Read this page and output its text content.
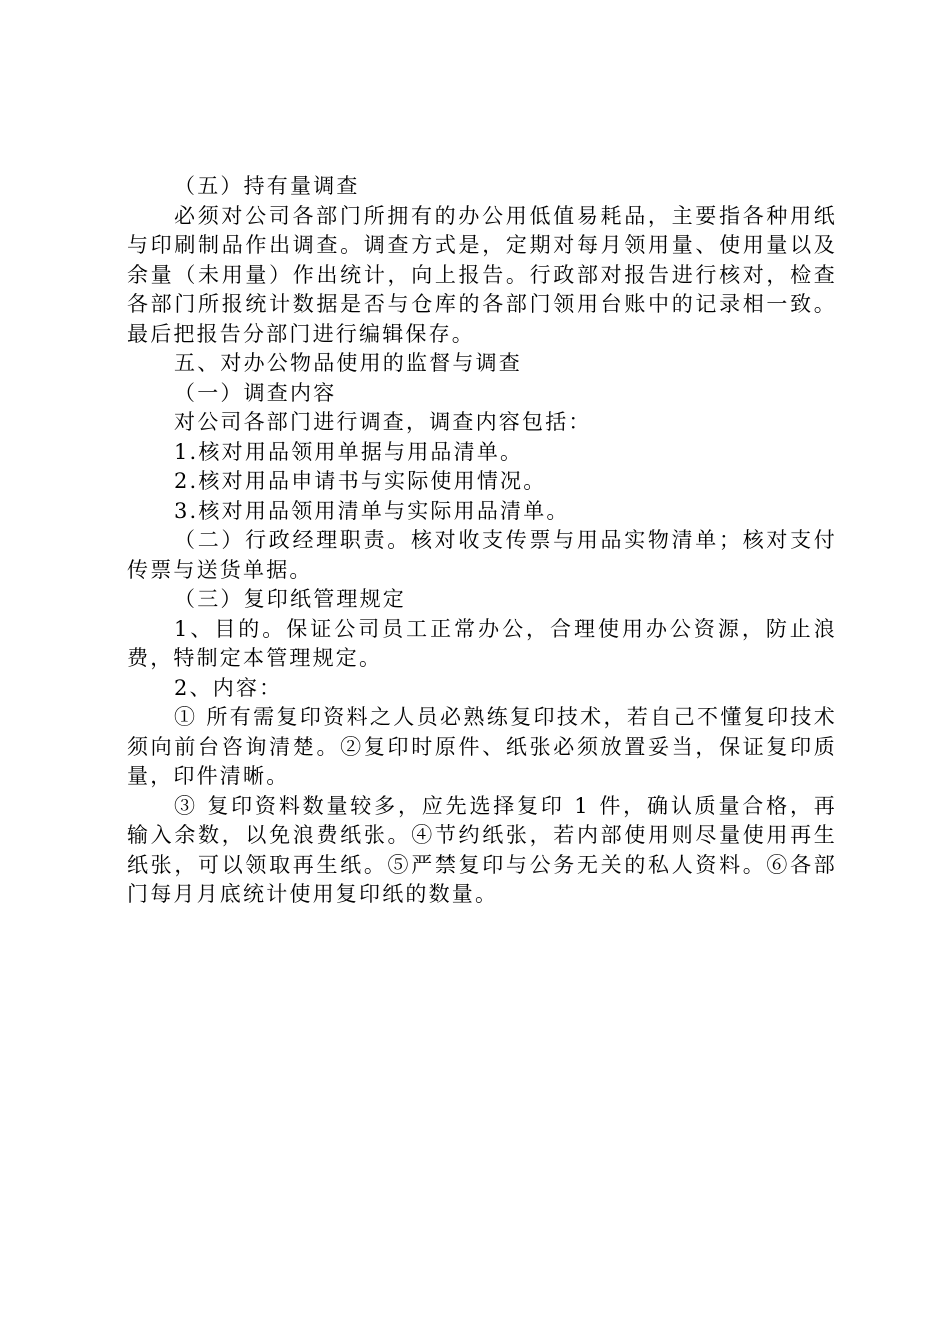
（五）持有量调查

必须对公司各部门所拥有的办公用低值易耗品，主要指各种用纸与印刷制品作出调查。调查方式是，定期对每月领用量、使用量以及余量（未用量）作出统计，向上报告。行政部对报告进行核对，检查各部门所报统计数据是否与仓库的各部门领用台账中的记录相一致。最后把报告分部门进行编辑保存。

五、对办公物品使用的监督与调查

（一）调查内容

对公司各部门进行调查，调查内容包括：

1.核对用品领用单据与用品清单。

2.核对用品申请书与实际使用情况。

3.核对用品领用清单与实际用品清单。

（二）行政经理职责。核对收支传票与用品实物清单；核对支付传票与送货单据。

（三）复印纸管理规定

1、目的。保证公司员工正常办公，合理使用办公资源，防止浪费，特制定本管理规定。

2、内容：

① 所有需复印资料之人员必熟练复印技术，若自己不懂复印技术须向前台咨询清楚。②复印时原件、纸张必须放置妥当，保证复印质量，印件清晰。

③ 复印资料数量较多，应先选择复印 1 件，确认质量合格，再输入余数，以免浪费纸张。④节约纸张，若内部使用则尽量使用再生纸张，可以领取再生纸。⑤严禁复印与公务无关的私人资料。⑥各部门每月月底统计使用复印纸的数量。
